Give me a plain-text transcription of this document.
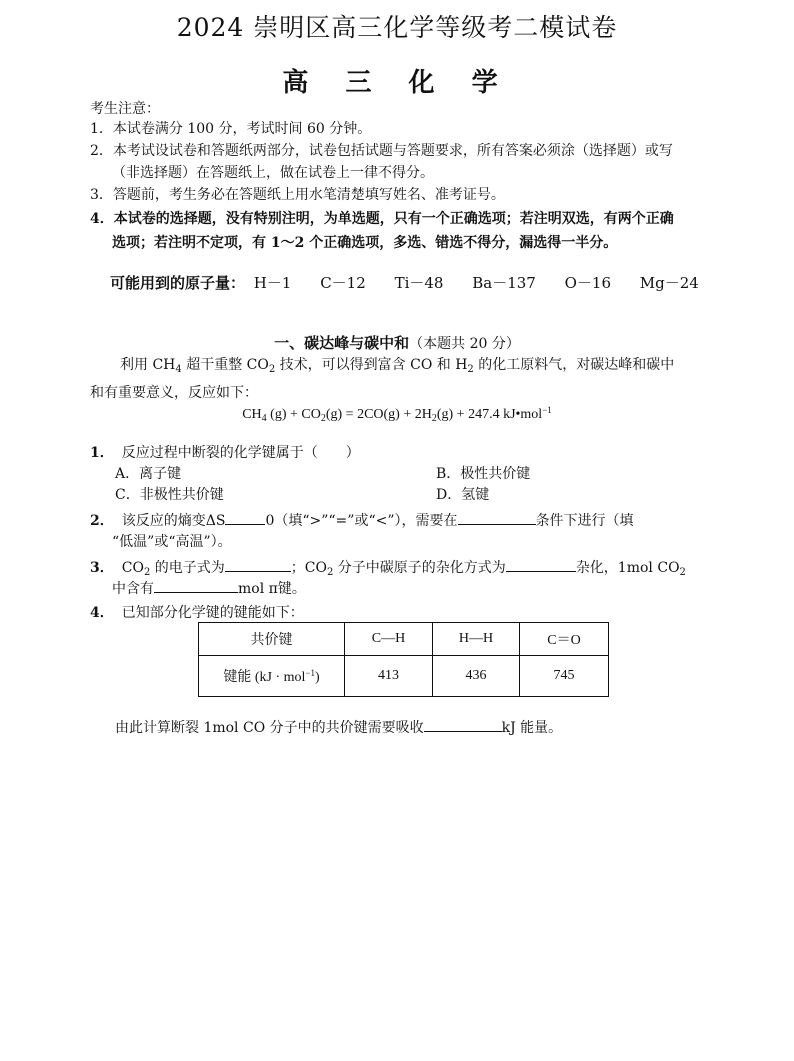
2024 崇明区高三化学等级考二模试卷
高 三 化 学
考生注意：
1．本试卷满分 100 分，考试时间 60 分钟。
2．本考试设试卷和答题纸两部分，试卷包括试题与答题要求，所有答案必须涂（选择题）或写
（非选择题）在答题纸上，做在试卷上一律不得分。
3．答题前，考生务必在答题纸上用水笔清楚填写姓名、准考证号。
4．本试卷的选择题，没有特别注明，为单选题，只有一个正确选项；若注明双选，有两个正确
选项；若注明不定项，有 1～2 个正确选项，多选、错选不得分，漏选得一半分。
可能用到的原子量： H－1 C－12 Ti－48 Ba－137 O－16 Mg－24
一、碳达峰与碳中和（本题共 20 分）
利用 $CH_4$ 超干重整 $CO_2$ 技术，可以得到富含 CO 和 $H_2$ 的化工原料气，对碳达峰和碳中
和有重要意义，反应如下：
$CH_4$ $(g) + CO_2(g) = 2CO(g) + 2H_2(g) + 247.4$ kJ•mol$^{-1}$
1． 反应过程中断裂的化学键属于（　　）
A．离子键	B．极性共价键
C．非极性共价键	D．氢键
2． 该反应的熵变ΔS	0（填“>”“=”或“<”），需要在	条件下进行（填
“低温”或“高温”）。
3． $CO_2$ 的电子式为	；$CO_2$ 分子中碳原子的杂化方式为	杂化，1mol $CO_2$
中含有	mol π键。
4． 已知部分化学键的键能如下：
共价键	C—H	H—H	C＝O
键能 (kJ · mol$^{-1}$)	413	436	745
由此计算断裂 1mol CO 分子中的共价键需要吸收	kJ 能量。
